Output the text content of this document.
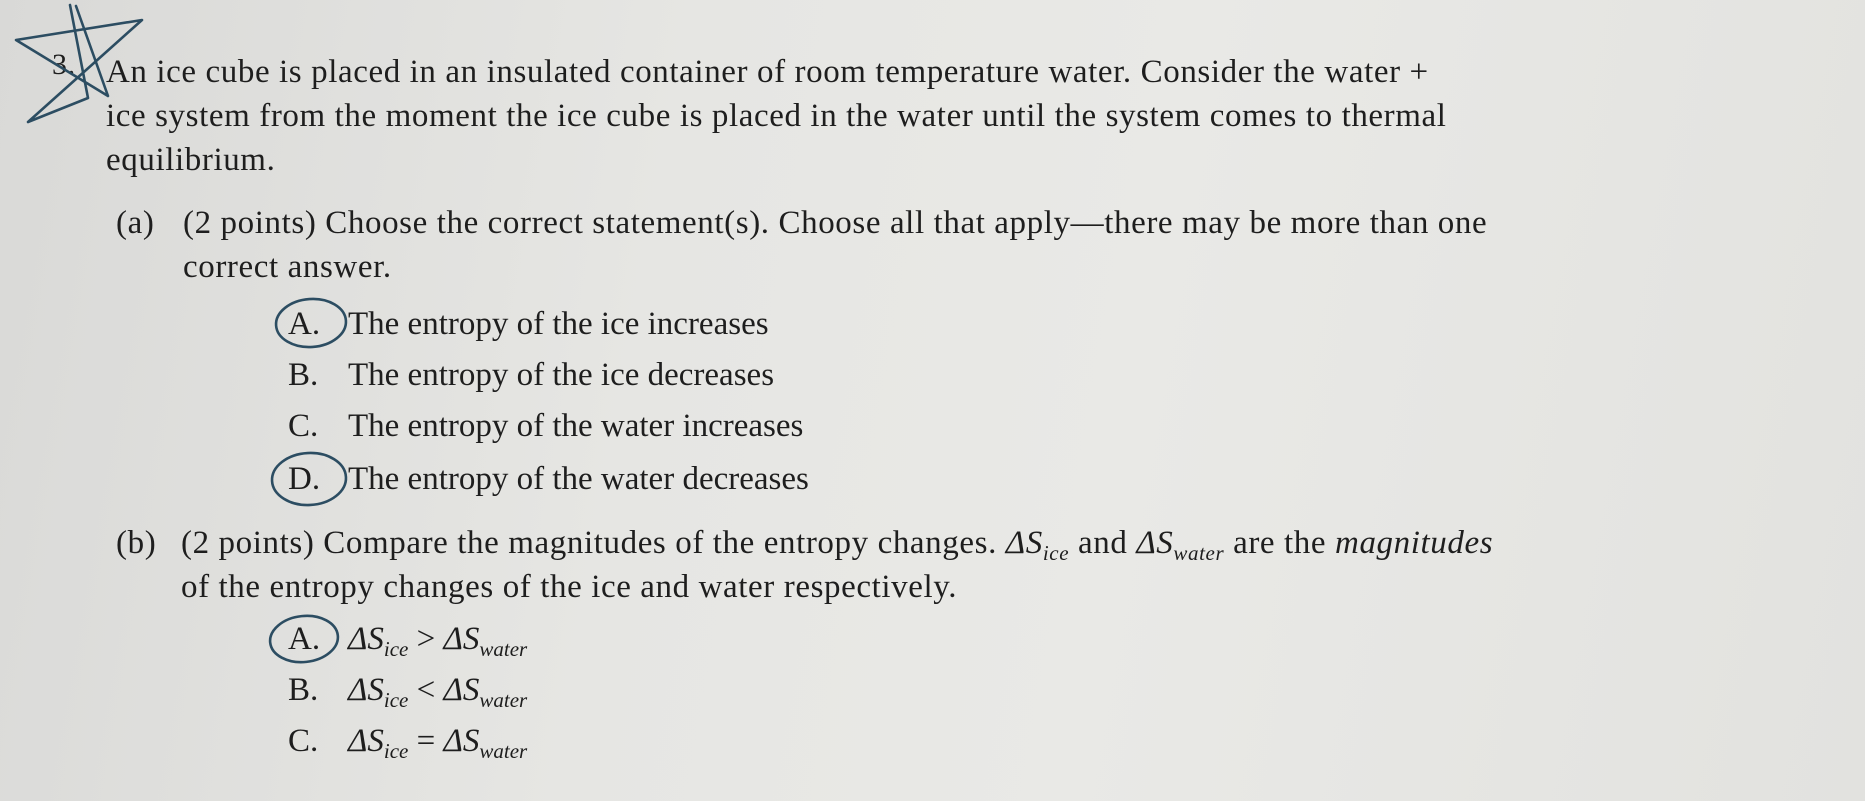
3. An ice cube is placed in an insulated container of room temperature water. Consider the water +
ice system from the moment the ice cube is placed in the water until the system comes to thermal
equilibrium.
(a) (2 points) Choose the correct statement(s). Choose all that apply—there may be more than one
correct answer.
A. The entropy of the ice increases
B. The entropy of the ice decreases
C. The entropy of the water increases
D. The entropy of the water decreases
(b) (2 points) Compare the magnitudes of the entropy changes. $\Delta S_{ice}$ and $\Delta S_{water}$ are the magnitudes
of the entropy changes of the ice and water respectively.
A. $\Delta S_{ice} > \Delta S_{water}$
B. $\Delta S_{ice} < \Delta S_{water}$
C. $\Delta S_{ice} = \Delta S_{water}$
